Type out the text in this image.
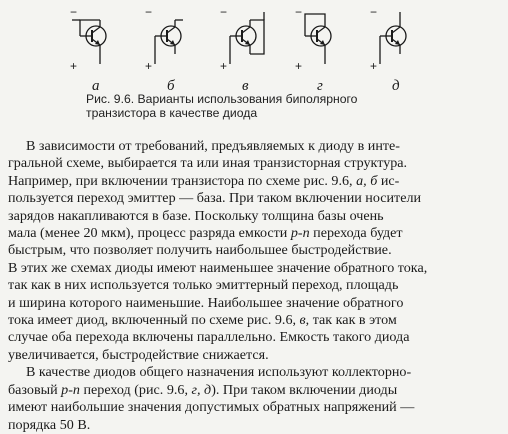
−
+
а
−
+
б
−
+
в
−
+
г
−
+
д
Рис. 9.6. Варианты использования биполярного
транзистора в качестве диода
В зависимости от требований, предъявляемых к диоду в инте-
гральной схеме, выбирается та или иная транзисторная структура.
Например, при включении транзистора по схеме рис. 9.6, а, б ис-
пользуется переход эмиттер — база. При таком включении носители
зарядов накапливаются в базе. Поскольку толщина базы очень
мала (менее 20 мкм), процесс разряда емкости p-n перехода будет
быстрым, что позволяет получить наибольшее быстродействие.
В этих же схемах диоды имеют наименьшее значение обратного тока,
так как в них используется только эмиттерный переход, площадь
и ширина которого наименьшие. Наибольшее значение обратного
тока имеет диод, включенный по схеме рис. 9.6, в, так как в этом
случае оба перехода включены параллельно. Емкость такого диода
увеличивается, быстродействие снижается.
В качестве диодов общего назначения используют коллекторно-
базовый p-n переход (рис. 9.6, г, д). При таком включении диоды
имеют наибольшие значения допустимых обратных напряжений —
порядка 50 В.
